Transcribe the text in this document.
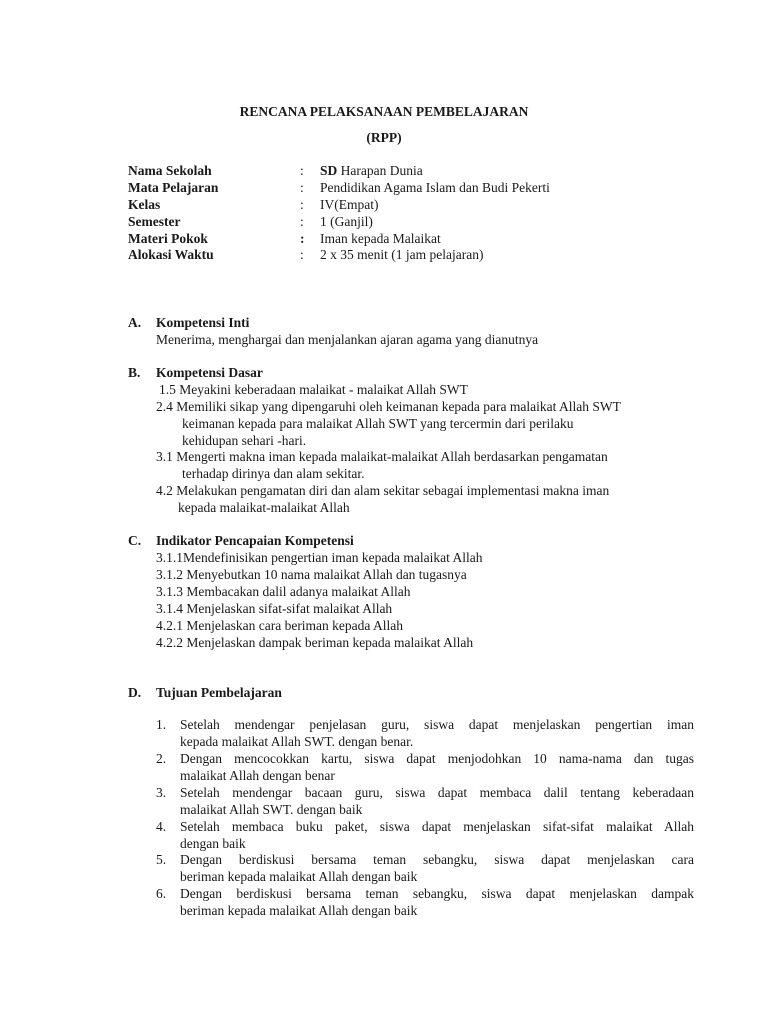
RENCANA PELAKSANAAN PEMBELAJARAN
(RPP)
Nama Sekolah	: SD Harapan Dunia
Mata Pelajaran	: Pendidikan Agama Islam dan Budi Pekerti
Kelas	: IV(Empat)
Semester	: 1 (Ganjil)
Materi Pokok	: Iman kepada Malaikat
Alokasi Waktu	: 2 x 35 menit (1 jam pelajaran)
A. Kompetensi Inti
Menerima, menghargai dan menjalankan ajaran agama yang dianutnya
B. Kompetensi Dasar
1.5 Meyakini keberadaan malaikat - malaikat Allah SWT
2.4 Memiliki sikap yang dipengaruhi oleh keimanan kepada para malaikat Allah SWT
keimanan kepada para malaikat Allah SWT yang tercermin dari perilaku
kehidupan sehari -hari.
3.1 Mengerti makna iman kepada malaikat-malaikat Allah berdasarkan pengamatan
terhadap dirinya dan alam sekitar.
4.2 Melakukan pengamatan diri dan alam sekitar sebagai implementasi makna iman
kepada malaikat-malaikat Allah
C. Indikator Pencapaian Kompetensi
3.1.1Mendefinisikan pengertian iman kepada malaikat Allah
3.1.2 Menyebutkan 10 nama malaikat Allah dan tugasnya
3.1.3 Membacakan dalil adanya malaikat Allah
3.1.4 Menjelaskan sifat-sifat malaikat Allah
4.2.1 Menjelaskan cara beriman kepada Allah
4.2.2 Menjelaskan dampak beriman kepada malaikat Allah
D. Tujuan Pembelajaran
1. Setelah mendengar penjelasan guru, siswa dapat menjelaskan pengertian iman
kepada malaikat Allah SWT. dengan benar.
2. Dengan mencocokkan kartu, siswa dapat menjodohkan 10 nama-nama dan tugas
malaikat Allah dengan benar
3. Setelah mendengar bacaan guru, siswa dapat membaca dalil tentang keberadaan
malaikat Allah SWT. dengan baik
4. Setelah membaca buku paket, siswa dapat menjelaskan sifat-sifat malaikat Allah
dengan baik
5. Dengan berdiskusi bersama teman sebangku, siswa dapat menjelaskan cara
beriman kepada malaikat Allah dengan baik
6. Dengan berdiskusi bersama teman sebangku, siswa dapat menjelaskan dampak
beriman kepada malaikat Allah dengan baik
